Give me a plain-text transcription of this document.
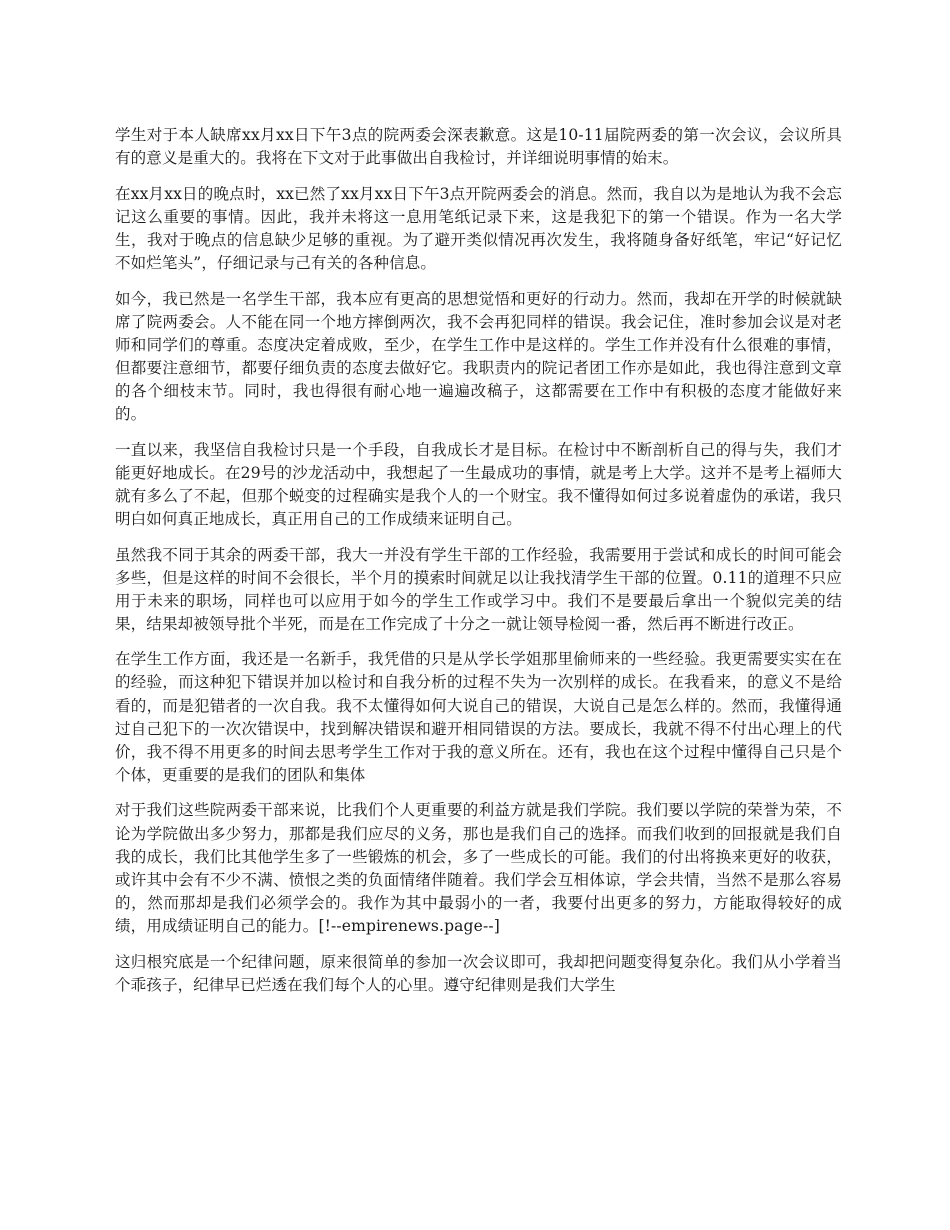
学生对于本人缺席xx月xx日下午3点的院两委会深表歉意。这是10-11届院两委的第一次会议，会议所具有的意义是重大的。我将在下文对于此事做出自我检讨，并详细说明事情的始末。

在xx月xx日的晚点时，xx已然了xx月xx日下午3点开院两委会的消息。然而，我自以为是地认为我不会忘记这么重要的事情。因此，我并未将这一息用笔纸记录下来，这是我犯下的第一个错误。作为一名大学生，我对于晚点的信息缺少足够的重视。为了避开类似情况再次发生，我将随身备好纸笔，牢记“好记忆不如烂笔头”，仔细记录与己有关的各种信息。

如今，我已然是一名学生干部，我本应有更高的思想觉悟和更好的行动力。然而，我却在开学的时候就缺席了院两委会。人不能在同一个地方摔倒两次，我不会再犯同样的错误。我会记住，准时参加会议是对老师和同学们的尊重。态度决定着成败，至少，在学生工作中是这样的。学生工作并没有什么很难的事情，但都要注意细节，都要仔细负责的态度去做好它。我职责内的院记者团工作亦是如此，我也得注意到文章的各个细枝末节。同时，我也得很有耐心地一遍遍改稿子，这都需要在工作中有积极的态度才能做好来的。

一直以来，我坚信自我检讨只是一个手段，自我成长才是目标。在检讨中不断剖析自己的得与失，我们才能更好地成长。在29号的沙龙活动中，我想起了一生最成功的事情，就是考上大学。这并不是考上福师大就有多么了不起，但那个蜕变的过程确实是我个人的一个财宝。我不懂得如何过多说着虚伪的承诺，我只明白如何真正地成长，真正用自己的工作成绩来证明自己。

虽然我不同于其余的两委干部，我大一并没有学生干部的工作经验，我需要用于尝试和成长的时间可能会多些，但是这样的时间不会很长，半个月的摸索时间就足以让我找清学生干部的位置。0.11的道理不只应用于未来的职场，同样也可以应用于如今的学生工作或学习中。我们不是要最后拿出一个貌似完美的结果，结果却被领导批个半死，而是在工作完成了十分之一就让领导检阅一番，然后再不断进行改正。

在学生工作方面，我还是一名新手，我凭借的只是从学长学姐那里偷师来的一些经验。我更需要实实在在的经验，而这种犯下错误并加以检讨和自我分析的过程不失为一次别样的成长。在我看来，的意义不是给看的，而是犯错者的一次自我。我不太懂得如何大说自己的错误，大说自己是怎么样的。然而，我懂得通过自己犯下的一次次错误中，找到解决错误和避开相同错误的方法。要成长，我就不得不付出心理上的代价，我不得不用更多的时间去思考学生工作对于我的意义所在。还有，我也在这个过程中懂得自己只是个个体，更重要的是我们的团队和集体

对于我们这些院两委干部来说，比我们个人更重要的利益方就是我们学院。我们要以学院的荣誉为荣，不论为学院做出多少努力，那都是我们应尽的义务，那也是我们自己的选择。而我们收到的回报就是我们自我的成长，我们比其他学生多了一些锻炼的机会，多了一些成长的可能。我们的付出将换来更好的收获，或许其中会有不少不满、愤恨之类的负面情绪伴随着。我们学会互相体谅，学会共情，当然不是那么容易的，然而那却是我们必须学会的。我作为其中最弱小的一者，我要付出更多的努力，方能取得较好的成绩，用成绩证明自己的能力。[!--empirenews.page--]

这归根究底是一个纪律问题，原来很简单的参加一次会议即可，我却把问题变得复杂化。我们从小学着当个乖孩子，纪律早已烂透在我们每个人的心里。遵守纪律则是我们大学生
